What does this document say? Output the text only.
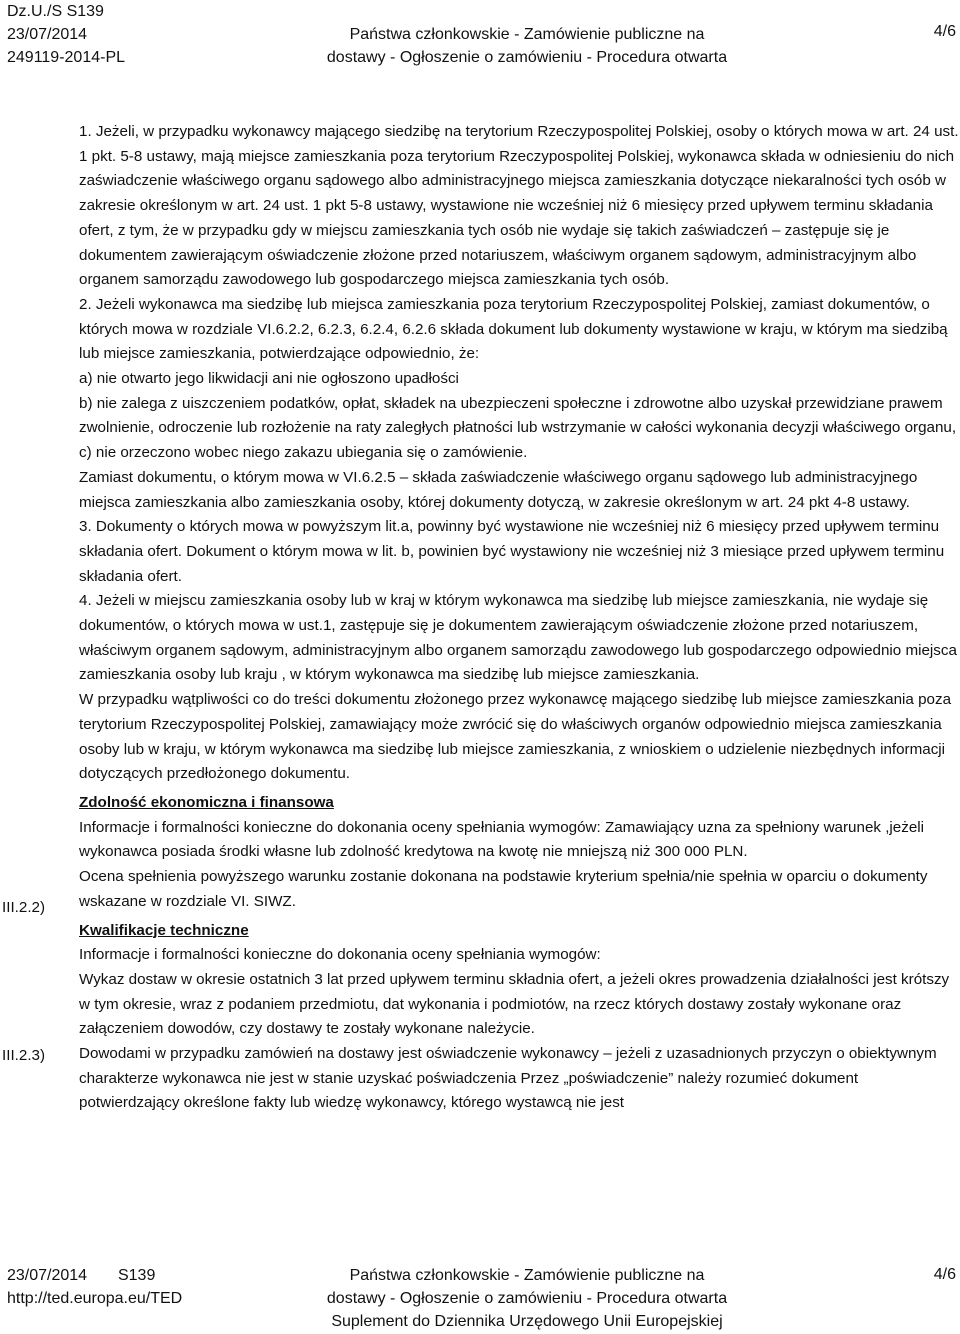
Dz.U./S S139
23/07/2014
249119-2014-PL
Państwa członkowskie - Zamówienie publiczne na
dostawy - Ogłoszenie o zamówieniu - Procedura otwarta
4/6
III.2.2)
III.2.3)

1. Jeżeli, w przypadku wykonawcy mającego siedzibę na terytorium Rzeczypospolitej Polskiej, osoby o których mowa w art. 24 ust. 1 pkt. 5-8 ustawy, mają miejsce zamieszkania poza terytorium Rzeczypospolitej Polskiej, wykonawca składa w odniesieniu do nich zaświadczenie właściwego organu sądowego albo administracyjnego miejsca zamieszkania dotyczące niekaralności tych osób w zakresie określonym w art. 24 ust. 1 pkt 5-8 ustawy, wystawione nie wcześniej niż 6 miesięcy przed upływem terminu składania ofert, z tym, że w przypadku gdy w miejscu zamieszkania tych osób nie wydaje się takich zaświadczeń – zastępuje się je dokumentem zawierającym oświadczenie złożone przed notariuszem, właściwym organem sądowym, administracyjnym albo organem samorządu zawodowego lub gospodarczego miejsca zamieszkania tych osób.

2. Jeżeli wykonawca ma siedzibę lub miejsca zamieszkania poza terytorium Rzeczypospolitej Polskiej, zamiast dokumentów, o których mowa w rozdziale VI.6.2.2, 6.2.3, 6.2.4, 6.2.6 składa dokument lub dokumenty wystawione w kraju, w którym ma siedzibą lub miejsce zamieszkania, potwierdzające odpowiednio, że:

a) nie otwarto jego likwidacji ani nie ogłoszono upadłości

b) nie zalega z uiszczeniem podatków, opłat, składek na ubezpieczeni społeczne i zdrowotne albo uzyskał przewidziane prawem zwolnienie, odroczenie lub rozłożenie na raty zaległych płatności lub wstrzymanie w całości wykonania decyzji właściwego organu,

c) nie orzeczono wobec niego zakazu ubiegania się o zamówienie.

Zamiast dokumentu, o którym mowa w VI.6.2.5 – składa zaświadczenie właściwego organu sądowego lub administracyjnego miejsca zamieszkania albo zamieszkania osoby, której dokumenty dotyczą, w zakresie określonym w art. 24 pkt 4-8 ustawy.

3. Dokumenty o których mowa w powyższym lit.a, powinny być wystawione nie wcześniej niż 6 miesięcy przed upływem terminu składania ofert. Dokument o którym mowa w lit. b, powinien być wystawiony nie wcześniej niż 3 miesiące przed upływem terminu składania ofert.

4. Jeżeli w miejscu zamieszkania osoby lub w kraj w którym wykonawca ma siedzibę lub miejsce zamieszkania, nie wydaje się dokumentów, o których mowa w ust.1, zastępuje się je dokumentem zawierającym oświadczenie złożone przed notariuszem, właściwym organem sądowym, administracyjnym albo organem samorządu zawodowego lub gospodarczego odpowiednio miejsca zamieszkania osoby lub kraju , w którym wykonawca ma siedzibę lub miejsce zamieszkania.

W przypadku wątpliwości co do treści dokumentu złożonego przez wykonawcę mającego siedzibę lub miejsce zamieszkania poza terytorium Rzeczypospolitej Polskiej, zamawiający może zwrócić się do właściwych organów odpowiednio miejsca zamieszkania osoby lub w kraju, w którym wykonawca ma siedzibę lub miejsce zamieszkania, z wnioskiem o udzielenie niezbędnych informacji dotyczących przedłożonego dokumentu.

Zdolność ekonomiczna i finansowa

Informacje i formalności konieczne do dokonania oceny spełniania wymogów: Zamawiający uzna za spełniony warunek ,jeżeli wykonawca posiada środki własne lub zdolność kredytowa na kwotę nie mniejszą niż 300 000 PLN.

Ocena spełnienia powyższego warunku zostanie dokonana na podstawie kryterium spełnia/nie spełnia w oparciu o dokumenty wskazane w rozdziale VI. SIWZ.

Kwalifikacje techniczne

Informacje i formalności konieczne do dokonania oceny spełniania wymogów:

Wykaz dostaw w okresie ostatnich 3 lat przed upływem terminu składnia ofert, a jeżeli okres prowadzenia działalności jest krótszy w tym okresie, wraz z podaniem przedmiotu, dat wykonania i podmiotów, na rzecz których dostawy zostały wykonane oraz załączeniem dowodów, czy dostawy te zostały wykonane należycie.

Dowodami w przypadku zamówień na dostawy jest oświadczenie wykonawcy – jeżeli z uzasadnionych przyczyn o obiektywnym charakterze wykonawca nie jest w stanie uzyskać poświadczenia Przez „poświadczenie” należy rozumieć dokument potwierdzający określone fakty lub wiedzę wykonawcy, którego wystawcą nie jest

23/07/2014 S139
http://ted.europa.eu/TED
Państwa członkowskie - Zamówienie publiczne na
dostawy - Ogłoszenie o zamówieniu - Procedura otwarta
Suplement do Dziennika Urzędowego Unii Europejskiej
4/6
